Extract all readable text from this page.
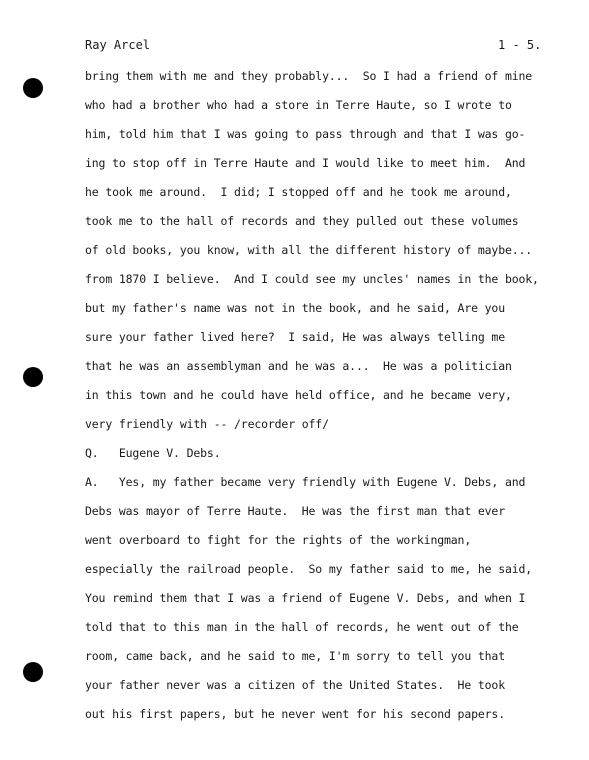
Ray Arcel	1 - 5.
bring them with me and they probably...  So I had a friend of mine
who had a brother who had a store in Terre Haute, so I wrote to
him, told him that I was going to pass through and that I was go-
ing to stop off in Terre Haute and I would like to meet him.  And
he took me around.  I did; I stopped off and he took me around,
took me to the hall of records and they pulled out these volumes
of old books, you know, with all the different history of maybe...
from 1870 I believe.  And I could see my uncles' names in the book,
but my father's name was not in the book, and he said, Are you
sure your father lived here?  I said, He was always telling me
that he was an assemblyman and he was a...  He was a politician
in this town and he could have held office, and he became very,
very friendly with -- /recorder off/
Q.   Eugene V. Debs.
A.   Yes, my father became very friendly with Eugene V. Debs, and
Debs was mayor of Terre Haute.  He was the first man that ever
went overboard to fight for the rights of the workingman,
especially the railroad people.  So my father said to me, he said,
You remind them that I was a friend of Eugene V. Debs, and when I
told that to this man in the hall of records, he went out of the
room, came back, and he said to me, I'm sorry to tell you that
your father never was a citizen of the United States.  He took
out his first papers, but he never went for his second papers.
